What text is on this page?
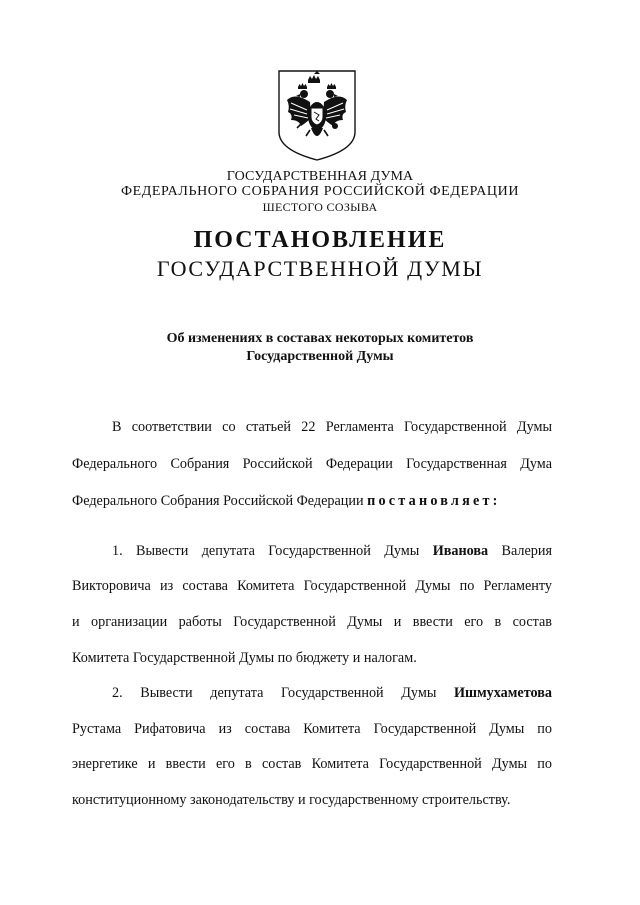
ГОСУДАРСТВЕННАЯ ДУМА

ФЕДЕРАЛЬНОГО СОБРАНИЯ РОССИЙСКОЙ ФЕДЕРАЦИИ

ШЕСТОГО СОЗЫВА

ПОСТАНОВЛЕНИЕ

ГОСУДАРСТВЕННОЙ ДУМЫ

Об изменениях в составах некоторых комитетов

Государственной Думы

В соответствии со статьей 22 Регламента Государственной Думы

Федерального Собрания Российской Федерации Государственная Дума

Федерального Собрания Российской Федерации постановляет:

1. Вывести депутата Государственной Думы Иванова Валерия

Викторовича из состава Комитета Государственной Думы по Регламенту

и организации работы Государственной Думы и ввести его в состав

Комитета Государственной Думы по бюджету и налогам.

2. Вывести депутата Государственной Думы Ишмухаметова

Рустама Рифатовича из состава Комитета Государственной Думы по

энергетике и ввести его в состав Комитета Государственной Думы по

конституционному законодательству и государственному строительству.
